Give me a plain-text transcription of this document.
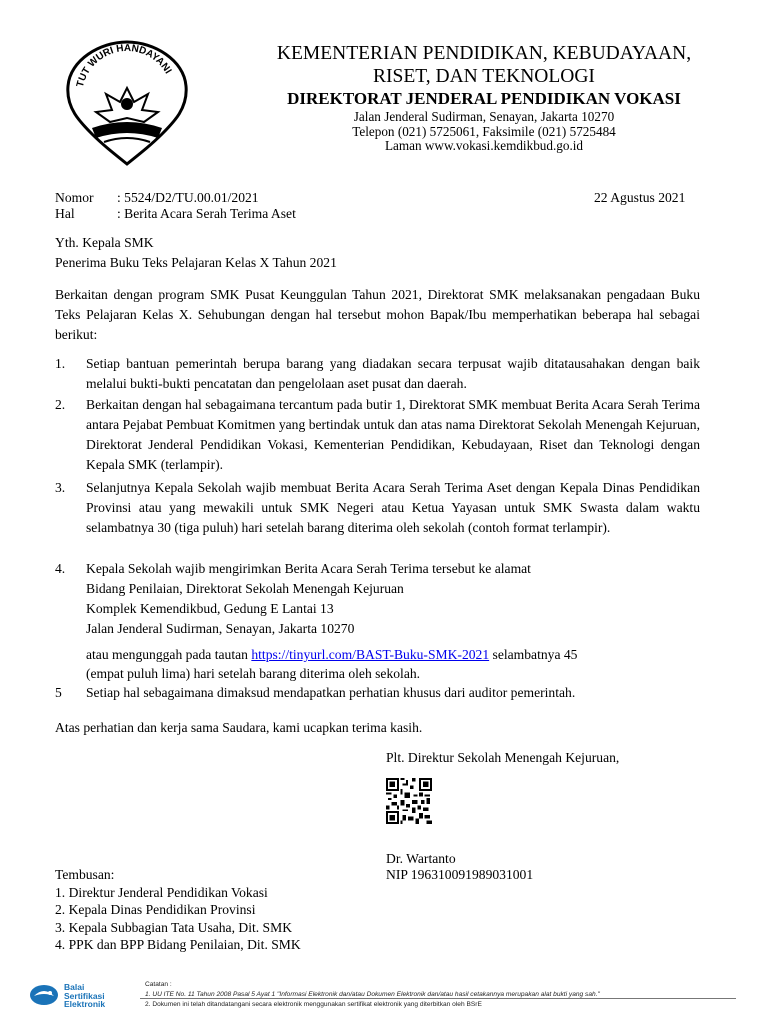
TUT WURI HANDAYANI
KEMENTERIAN PENDIDIKAN, KEBUDAYAAN,
RISET, DAN TEKNOLOGI
DIREKTORAT JENDERAL PENDIDIKAN VOKASI
Jalan Jenderal Sudirman, Senayan, Jakarta 10270
Telepon (021) 5725061, Faksimile (021) 5725484
Laman www.vokasi.kemdikbud.go.id
Nomor : 5524/D2/TU.00.01/2021
Hal	: Berita Acara Serah Terima Aset
22 Agustus 2021
Yth. Kepala SMK
Penerima Buku Teks Pelajaran Kelas X Tahun 2021
Berkaitan dengan program SMK Pusat Keunggulan Tahun 2021, Direktorat SMK melaksanakan pengadaan Buku Teks Pelajaran Kelas X. Sehubungan dengan hal tersebut mohon Bapak/Ibu memperhatikan beberapa hal sebagai berikut:
1. Setiap bantuan pemerintah berupa barang yang diadakan secara terpusat wajib ditatausahakan dengan baik melalui bukti-bukti pencatatan dan pengelolaan aset pusat dan daerah.
2. Berkaitan dengan hal sebagaimana tercantum pada butir 1, Direktorat SMK membuat Berita Acara Serah Terima antara Pejabat Pembuat Komitmen yang bertindak untuk dan atas nama Direktorat Sekolah Menengah Kejuruan, Direktorat Jenderal Pendidikan Vokasi, Kementerian Pendidikan, Kebudayaan, Riset dan Teknologi dengan Kepala SMK (terlampir).
3. Selanjutnya Kepala Sekolah wajib membuat Berita Acara Serah Terima Aset dengan Kepala Dinas Pendidikan Provinsi atau yang mewakili untuk SMK Negeri atau Ketua Yayasan untuk SMK Swasta dalam waktu selambatnya 30 (tiga puluh) hari setelah barang diterima oleh sekolah (contoh format terlampir).
4. Kepala Sekolah wajib mengirimkan Berita Acara Serah Terima tersebut ke alamat
Bidang Penilaian, Direktorat Sekolah Menengah Kejuruan
Komplek Kemendikbud, Gedung E Lantai 13
Jalan Jenderal Sudirman, Senayan, Jakarta 10270
atau mengunggah pada tautan https://tinyurl.com/BAST-Buku-SMK-2021 selambatnya 45
(empat puluh lima) hari setelah barang diterima oleh sekolah.
5 Setiap hal sebagaimana dimaksud mendapatkan perhatian khusus dari auditor pemerintah.
Atas perhatian dan kerja sama Saudara, kami ucapkan terima kasih.
Plt. Direktur Sekolah Menengah Kejuruan,
Dr. Wartanto
NIP 196310091989031001
Tembusan:
1. Direktur Jenderal Pendidikan Vokasi
2. Kepala Dinas Pendidikan Provinsi
3. Kepala Subbagian Tata Usaha, Dit. SMK
4. PPK dan BPP Bidang Penilaian, Dit. SMK
Balai
Sertifikasi
Elektronik
Catatan :
1. UU ITE No. 11 Tahun 2008 Pasal 5 Ayat 1 "Informasi Elektronik dan/atau Dokumen Elektronik dan/atau hasil cetakannya merupakan alat bukti yang sah."
2. Dokumen ini telah ditandatangani secara elektronik menggunakan sertifikat elektronik yang diterbitkan oleh BSrE
